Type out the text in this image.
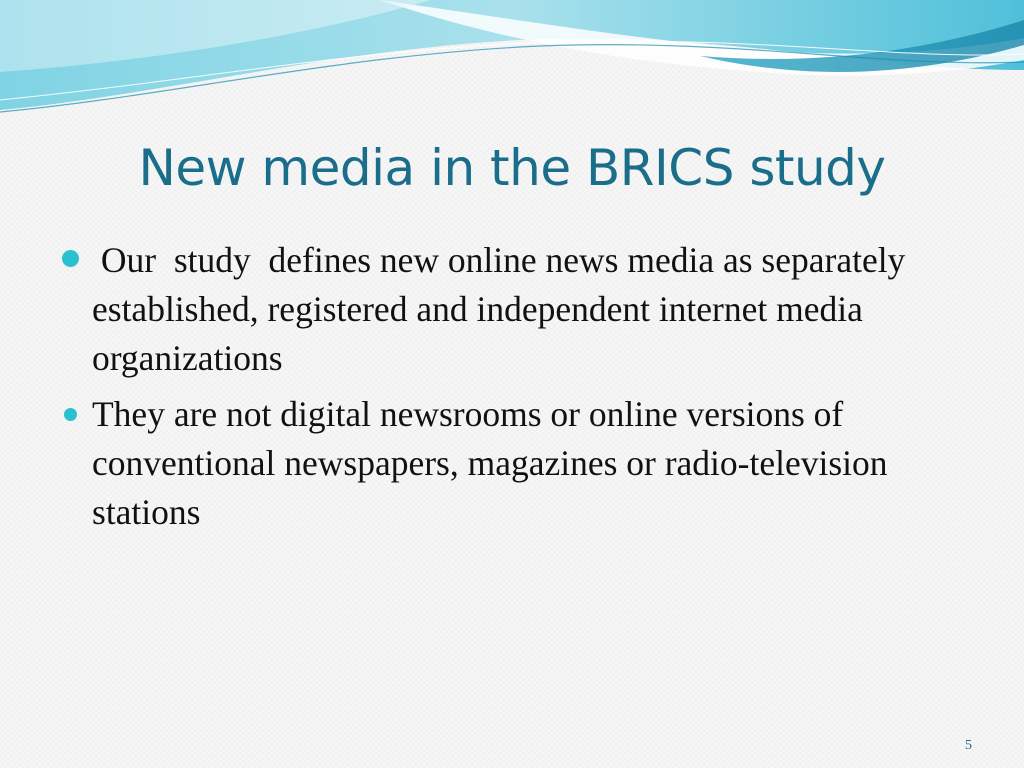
New media in the BRICS study
Our  study  defines new online news media as separately established, registered and independent internet media organizations
They are not digital newsrooms or online versions of conventional newspapers, magazines or radio-television stations
5
